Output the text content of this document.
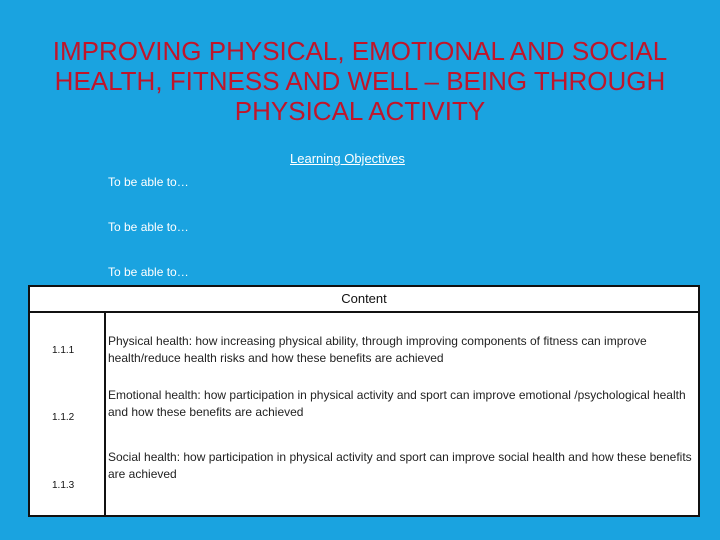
IMPROVING PHYSICAL, EMOTIONAL AND SOCIAL HEALTH, FITNESS AND WELL – BEING THROUGH PHYSICAL ACTIVITY
Learning Objectives
To be able to…
To be able to…
To be able to…
Content
1.1.1
Physical health: how increasing physical ability, through improving components of fitness can improve health/reduce health risks and how these benefits are achieved
1.1.2
Emotional health: how participation in physical activity and sport can improve emotional /psychological health and how these benefits are achieved
1.1.3
Social health: how participation in physical activity and sport can improve social health and how these benefits are achieved
